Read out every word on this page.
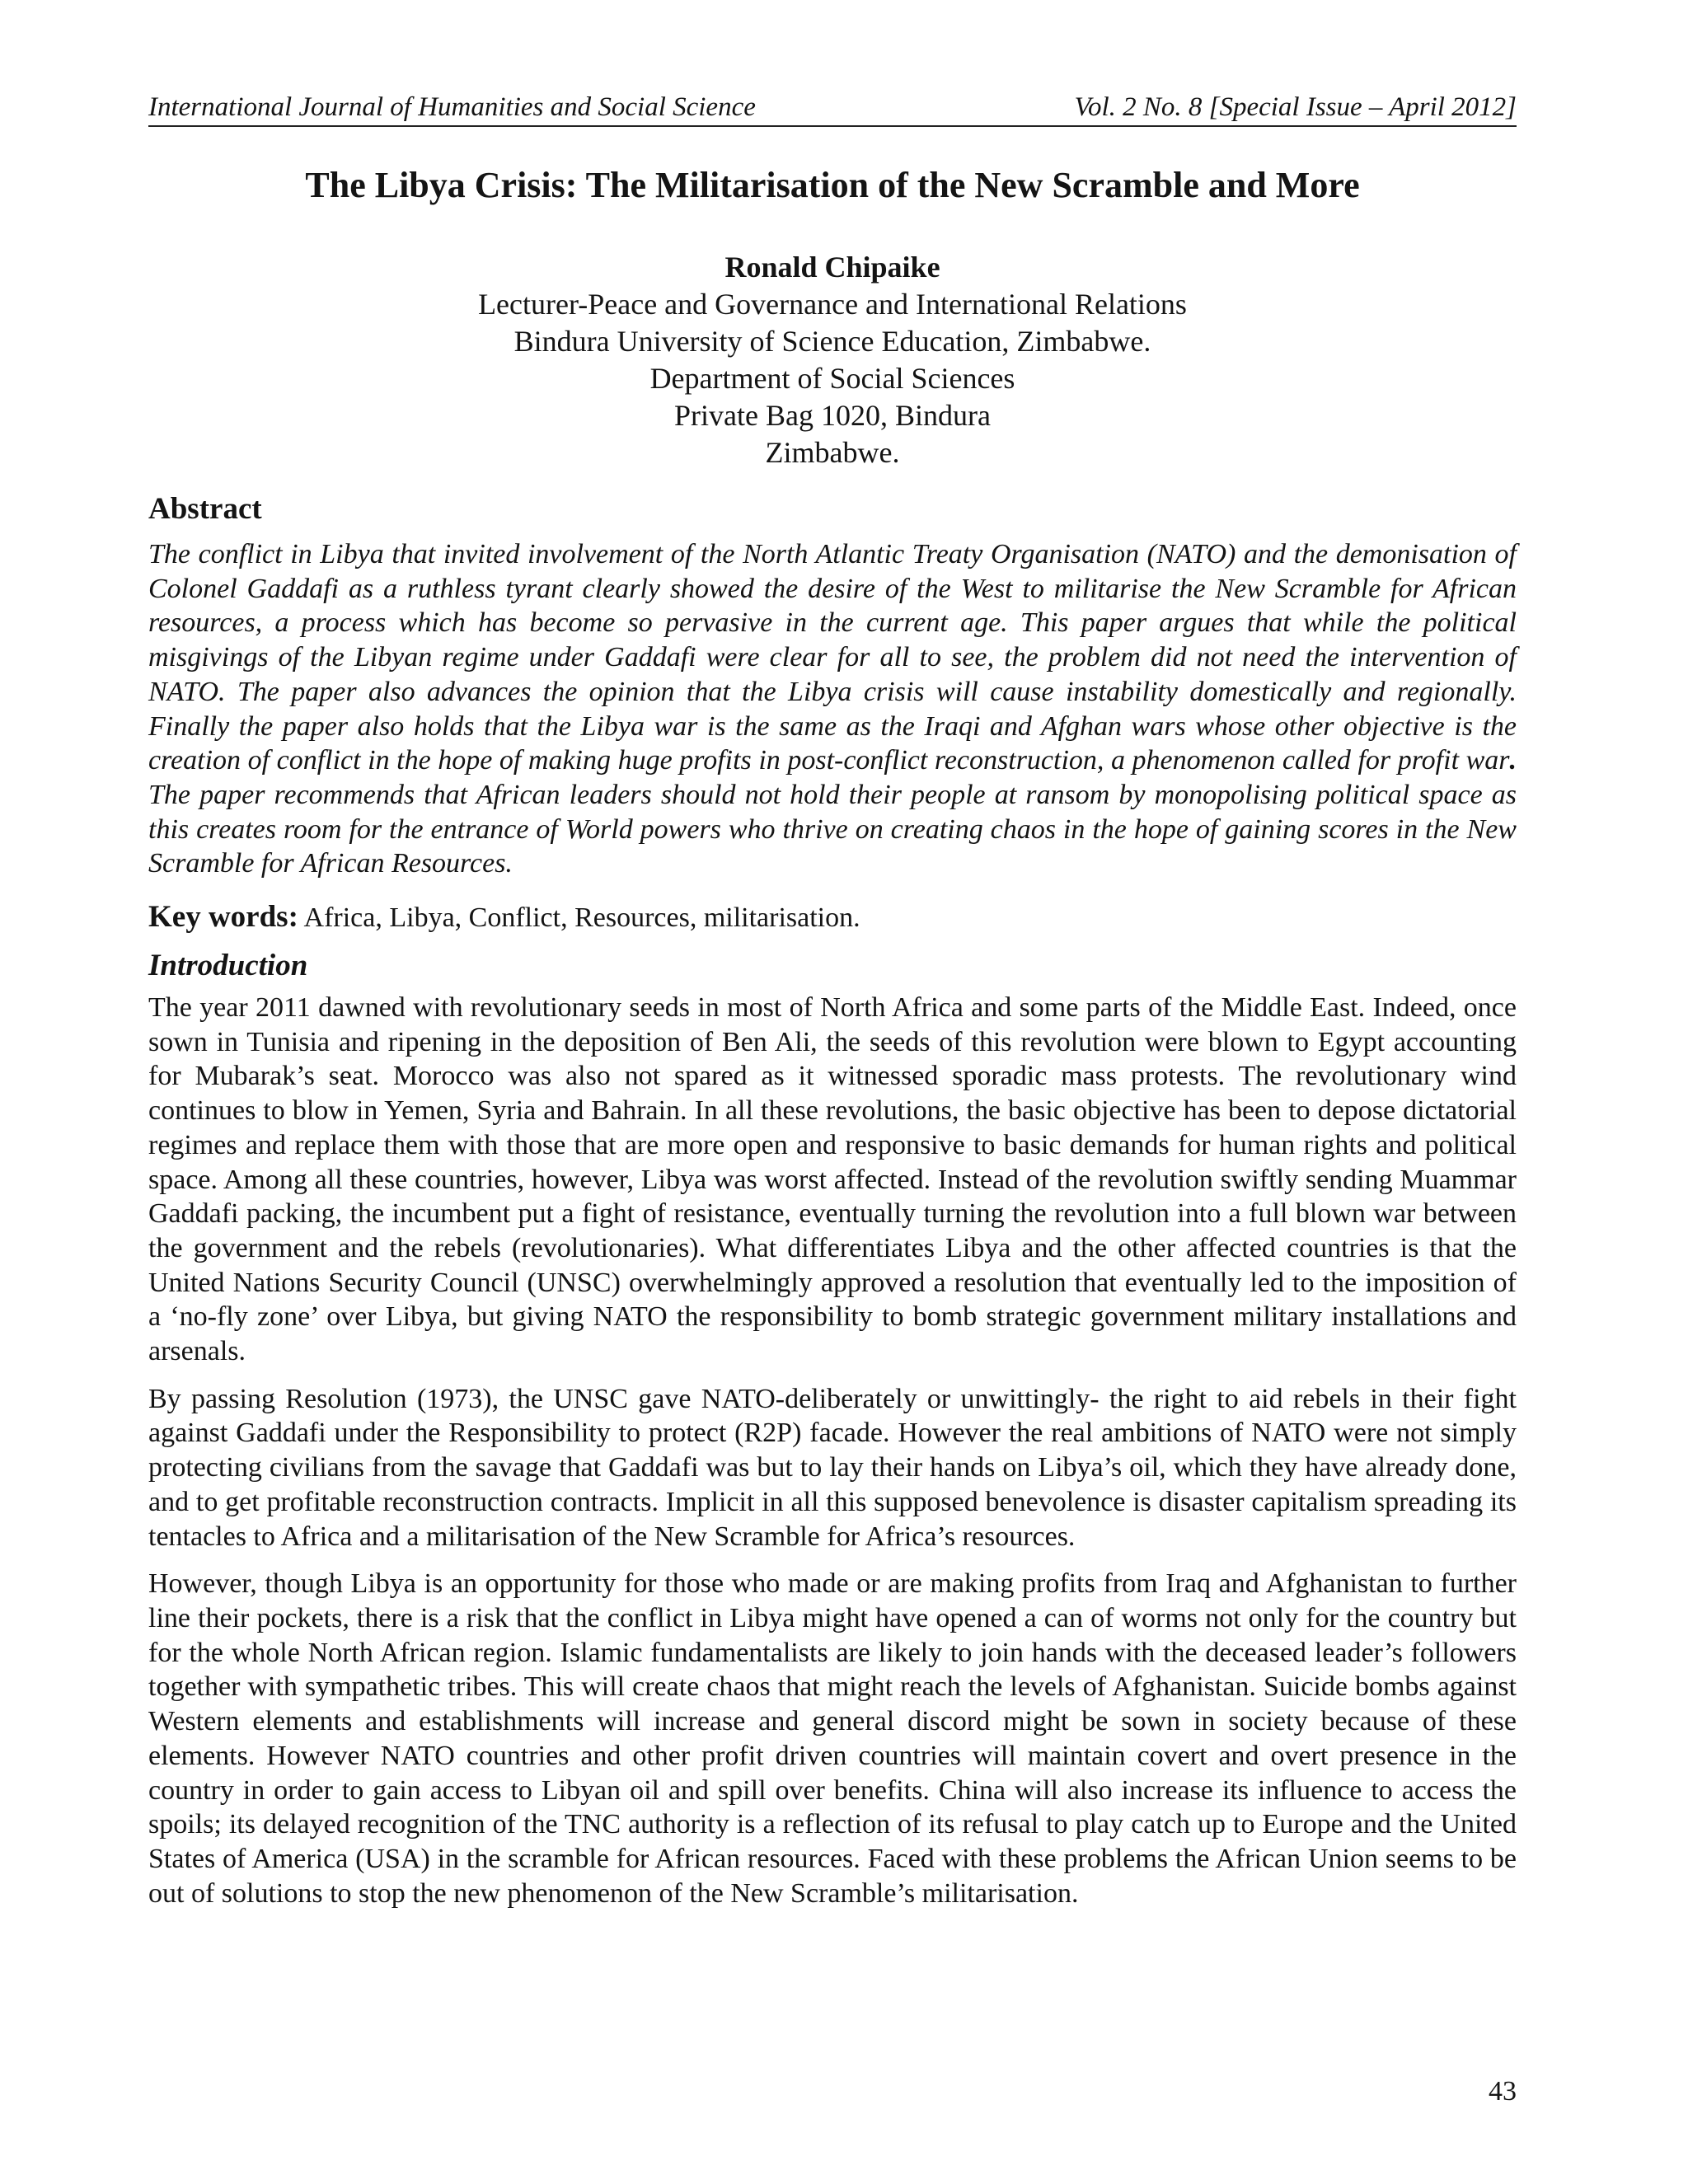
International Journal of Humanities and Social Science	Vol. 2 No. 8 [Special Issue – April 2012]
The Libya Crisis: The Militarisation of the New Scramble and More
Ronald Chipaike
Lecturer-Peace and Governance and International Relations
Bindura University of Science Education, Zimbabwe.
Department of Social Sciences
Private Bag 1020, Bindura
Zimbabwe.
Abstract

The conflict in Libya that invited involvement of the North Atlantic Treaty Organisation (NATO) and the demonisation of Colonel Gaddafi as a ruthless tyrant clearly showed the desire of the West to militarise the New Scramble for African resources, a process which has become so pervasive in the current age. This paper argues that while the political misgivings of the Libyan regime under Gaddafi were clear for all to see, the problem did not need the intervention of NATO. The paper also advances the opinion that the Libya crisis will cause instability domestically and regionally. Finally the paper also holds that the Libya war is the same as the Iraqi and Afghan wars whose other objective is the creation of conflict in the hope of making huge profits in post-conflict reconstruction, a phenomenon called for profit war. The paper recommends that African leaders should not hold their people at ransom by monopolising political space as this creates room for the entrance of World powers who thrive on creating chaos in the hope of gaining scores in the New Scramble for African Resources.

Key words: Africa, Libya, Conflict, Resources, militarisation.
Introduction

The year 2011 dawned with revolutionary seeds in most of North Africa and some parts of the Middle East. Indeed, once sown in Tunisia and ripening in the deposition of Ben Ali, the seeds of this revolution were blown to Egypt accounting for Mubarak’s seat. Morocco was also not spared as it witnessed sporadic mass protests. The revolutionary wind continues to blow in Yemen, Syria and Bahrain. In all these revolutions, the basic objective has been to depose dictatorial regimes and replace them with those that are more open and responsive to basic demands for human rights and political space. Among all these countries, however, Libya was worst affected. Instead of the revolution swiftly sending Muammar Gaddafi packing, the incumbent put a fight of resistance, eventually turning the revolution into a full blown war between the government and the rebels (revolutionaries). What differentiates Libya and the other affected countries is that the United Nations Security Council (UNSC) overwhelmingly approved a resolution that eventually led to the imposition of a ‘no-fly zone’ over Libya, but giving NATO the responsibility to bomb strategic government military installations and arsenals.

By passing Resolution (1973), the UNSC gave NATO-deliberately or unwittingly- the right to aid rebels in their fight against Gaddafi under the Responsibility to protect (R2P) facade. However the real ambitions of NATO were not simply protecting civilians from the savage that Gaddafi was but to lay their hands on Libya’s oil, which they have already done, and to get profitable reconstruction contracts. Implicit in all this supposed benevolence is disaster capitalism spreading its tentacles to Africa and a militarisation of the New Scramble for Africa’s resources.

However, though Libya is an opportunity for those who made or are making profits from Iraq and Afghanistan to further line their pockets, there is a risk that the conflict in Libya might have opened a can of worms not only for the country but for the whole North African region. Islamic fundamentalists are likely to join hands with the deceased leader’s followers together with sympathetic tribes. This will create chaos that might reach the levels of Afghanistan. Suicide bombs against Western elements and establishments will increase and general discord might be sown in society because of these elements. However NATO countries and other profit driven countries will maintain covert and overt presence in the country in order to gain access to Libyan oil and spill over benefits. China will also increase its influence to access the spoils; its delayed recognition of the TNC authority is a reflection of its refusal to play catch up to Europe and the United States of America (USA) in the scramble for African resources. Faced with these problems the African Union seems to be out of solutions to stop the new phenomenon of the New Scramble’s militarisation.

43
